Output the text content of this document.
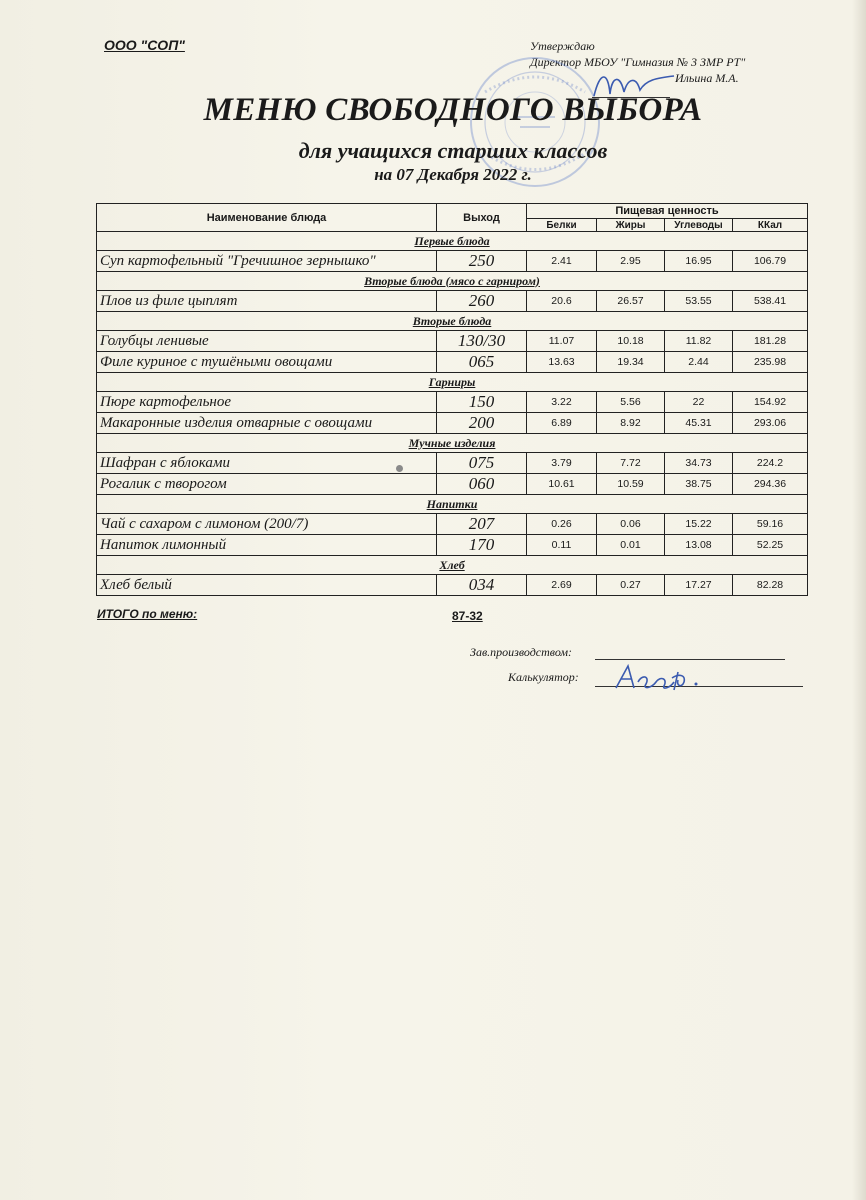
ООО "СОП"	Утверждаю
Директор МБОУ "Гимназия № 3 ЗМР РТ"
Ильина М.А.
МЕНЮ СВОБОДНОГО ВЫБОРА
для учащихся старших классов
на 07 Декабря 2022 г.
Наименование блюда	Выход	Пищевая ценность			
		Белки	Жиры	Углеводы	ККал
Первые блюда					
Суп картофельный "Гречишное зернышко"	250	2.41	2.95	16.95	106.79
Вторые блюда (мясо с гарниром)					
Плов из филе цыплят	260	20.6	26.57	53.55	538.41
Вторые блюда					
Голубцы ленивые	130/30	11.07	10.18	11.82	181.28
Филе куриное с тушёными овощами	065	13.63	19.34	2.44	235.98
Гарниры					
Пюре картофельное	150	3.22	5.56	22	154.92
Макаронные изделия отварные с овощами	200	6.89	8.92	45.31	293.06
Мучные изделия					
Шафран с яблоками	075	3.79	7.72	34.73	224.2
Рогалик с творогом	060	10.61	10.59	38.75	294.36
Напитки					
Чай с сахаром с лимоном (200/7)	207	0.26	0.06	15.22	59.16
Напиток лимонный	170	0.11	0.01	13.08	52.25
Хлеб					
Хлеб белый	034	2.69	0.27	17.27	82.28
ИТОГО по меню:	87-32
Зав.производством:
Калькулятор:
